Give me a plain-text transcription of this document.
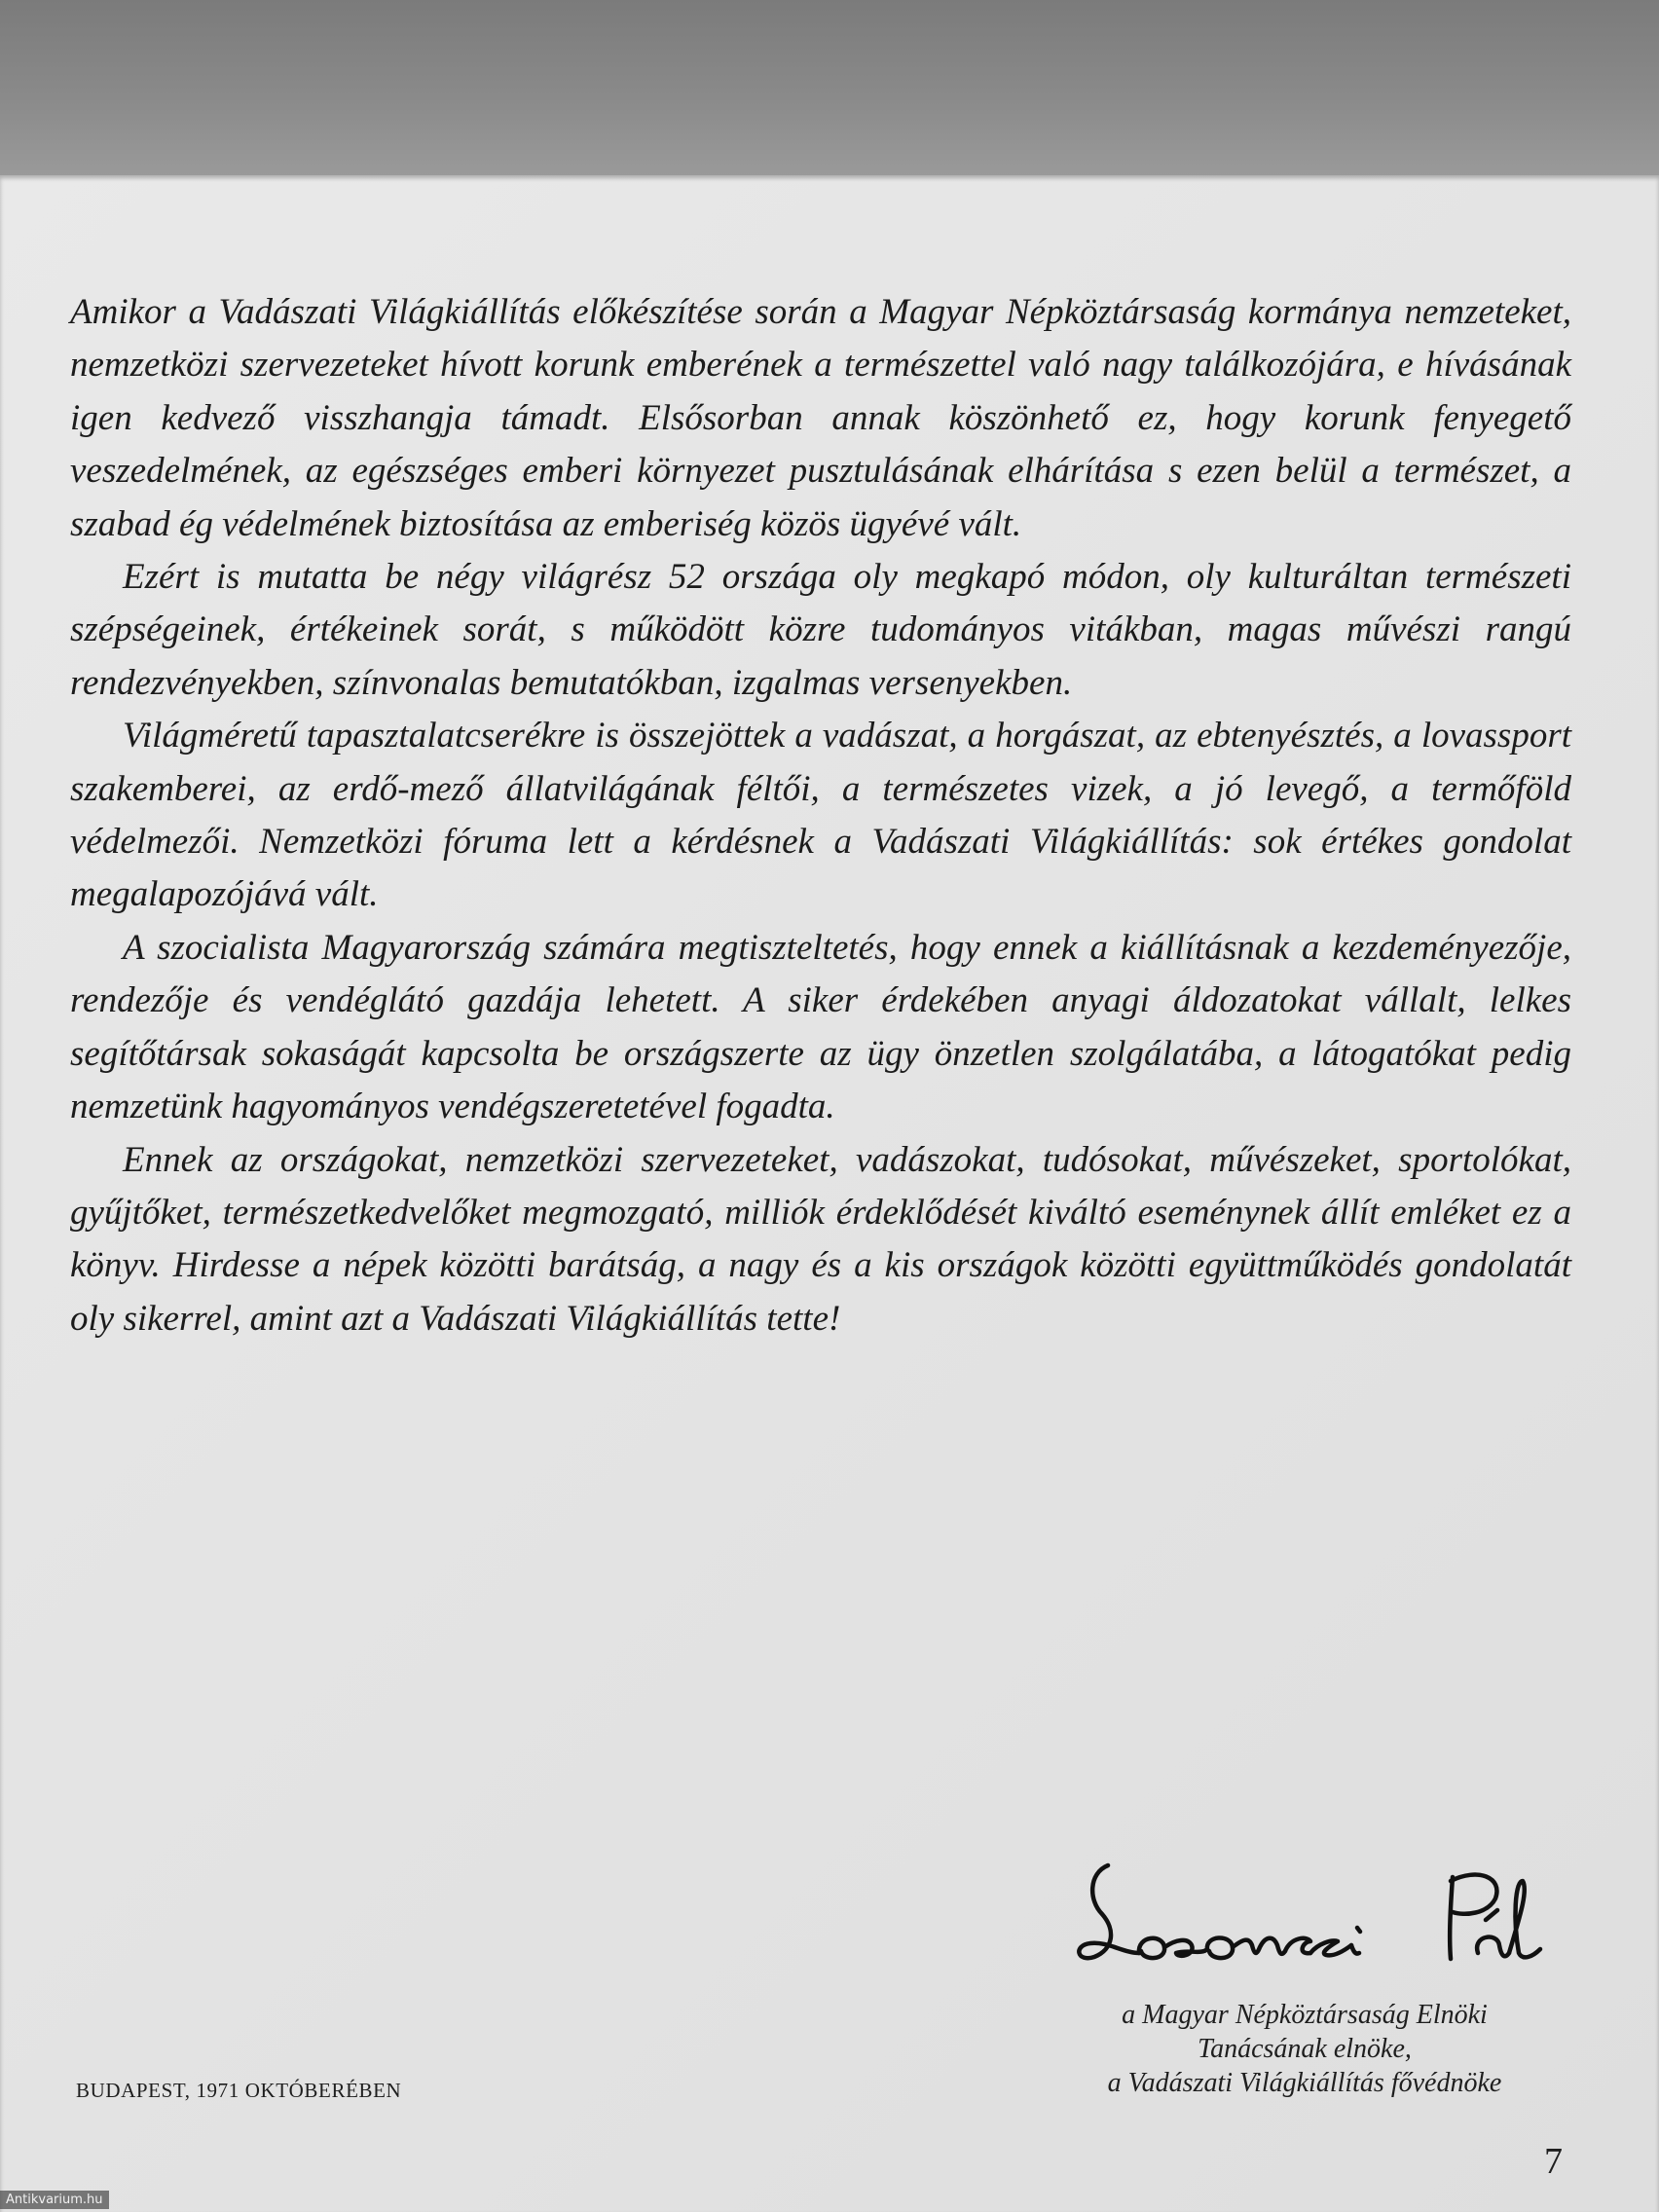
Amikor a Vadászati Világkiállítás előkészítése során a Magyar Népköztársaság kormánya nemzeteket, nemzetközi szervezeteket hívott korunk emberének a természettel való nagy találkozójára, e hívásának igen kedvező visszhangja támadt. Elsősorban annak köszönhető ez, hogy korunk fenyegető veszedelmének, az egészséges emberi környezet pusztulásának elhárítása s ezen belül a természet, a szabad ég védelmének biztosítása az emberiség közös ügyévé vált.

Ezért is mutatta be négy világrész 52 országa oly megkapó módon, oly kulturáltan természeti szépségeinek, értékeinek sorát, s működött közre tudományos vitákban, magas művészi rangú rendezvényekben, színvonalas bemutatókban, izgalmas versenyekben.

Világméretű tapasztalatcserékre is összejöttek a vadászat, a horgászat, az ebtenyésztés, a lovassport szakemberei, az erdő-mező állatvilágának féltői, a természetes vizek, a jó levegő, a termőföld védelmezői. Nemzetközi fóruma lett a kérdésnek a Vadászati Világkiállítás: sok értékes gondolat megalapozójává vált.

A szocialista Magyarország számára megtiszteltetés, hogy ennek a kiállításnak a kezdeményezője, rendezője és vendéglátó gazdája lehetett. A siker érdekében anyagi áldozatokat vállalt, lelkes segítőtársak sokaságát kapcsolta be országszerte az ügy önzetlen szolgálatába, a látogatókat pedig nemzetünk hagyományos vendégszeretetével fogadta.

Ennek az országokat, nemzetközi szervezeteket, vadászokat, tudósokat, művészeket, sportolókat, gyűjtőket, természetkedvelőket megmozgató, milliók érdeklődését kiváltó eseménynek állít emléket ez a könyv. Hirdesse a népek közötti barátság, a nagy és a kis országok közötti együttműködés gondolatát oly sikerrel, amint azt a Vadászati Világkiállítás tette!

a Magyar Népköztársaság Elnöki
Tanácsának elnöke,
a Vadászati Világkiállítás fővédnöke
BUDAPEST, 1971 OKTÓBERÉBEN
7
Antikvarium.hu
